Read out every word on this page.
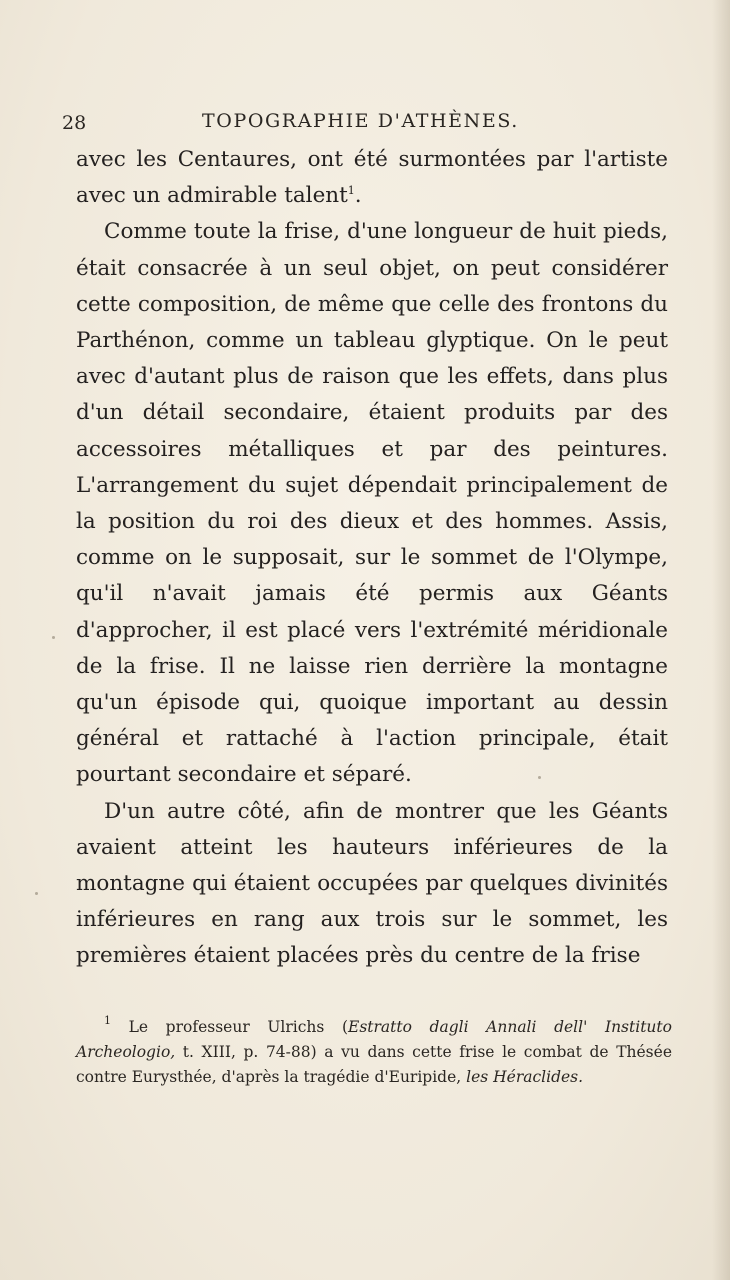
28	TOPOGRAPHIE D'ATHÈNES.

avec les Centaures, ont été surmontées par l'artiste avec un admirable talent$^1$.

Comme toute la frise, d'une longueur de huit pieds, était consacrée à un seul objet, on peut considérer cette composition, de même que celle des frontons du Parthénon, comme un tableau glyptique. On le peut avec d'autant plus de raison que les effets, dans plus d'un détail secondaire, étaient produits par des accessoires métalliques et par des peintures. L'arrangement du sujet dépendait principalement de la position du roi des dieux et des hommes. Assis, comme on le supposait, sur le sommet de l'Olympe, qu'il n'avait jamais été permis aux Géants d'approcher, il est placé vers l'extrémité méridionale de la frise. Il ne laisse rien derrière la montagne qu'un épisode qui, quoique important au dessin général et rattaché à l'action principale, était pourtant secondaire et séparé.

D'un autre côté, afin de montrer que les Géants avaient atteint les hauteurs inférieures de la montagne qui étaient occupées par quelques divinités inférieures en rang aux trois sur le sommet, les premières étaient placées près du centre de la frise

$^1$ Le professeur Ulrichs (Estratto dagli Annali dell' Instituto Archeologio, t. XIII, p. 74-88) a vu dans cette frise le combat de Thésée contre Eurysthée, d'après la tragédie d'Euripide, les Héraclides.
